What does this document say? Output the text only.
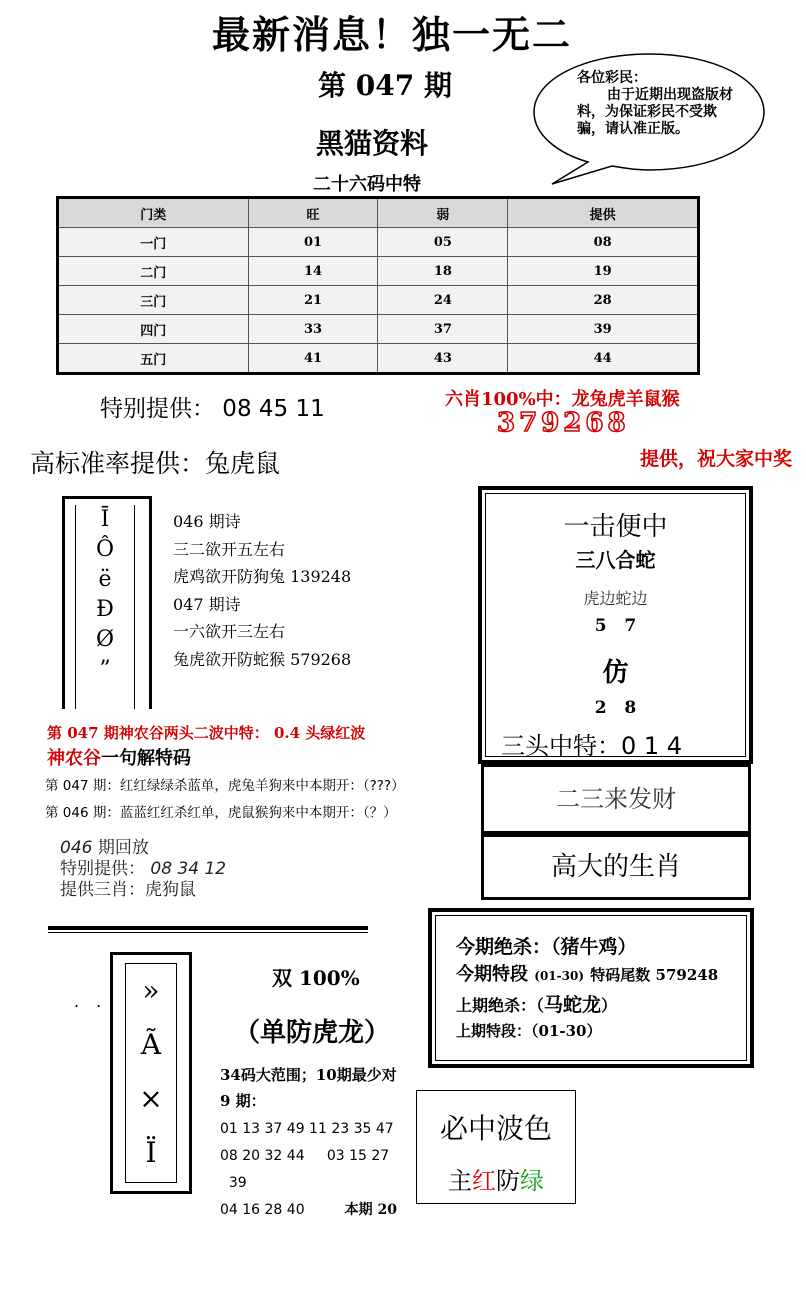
最新消息！独一无二
第 047 期
黑猫资料
二十六码中特
各位彩民：
由于近期出现盗版材料，为保证彩民不受欺骗，请认准正版。
门类	旺	弱	提供
一门	01	05	08
二门	14	18	19
三门	21	24	28
四门	33	37	39
五门	41	43	44
特别提供： 08 45 11	六肖100%中：龙兔虎羊鼠猴
379268
高标准率提供：兔虎鼠	提供，祝大家中奖
Ī
Ô
ë
Ð
Ø
”
046 期诗
三二欲开五左右
虎鸡欲开防狗兔 139248
047 期诗
一六欲开三左右
兔虎欲开防蛇猴 579268
一击便中
三八合蛇
虎边蛇边
5   7
仿
2   8
三头中特：0 1 4
二三来发财
高大的生肖
第 047 期神农谷两头二波中特： 0.4 头绿红波
神农谷一句解特码
第 047 期：红红绿绿杀蓝单，虎兔羊狗来中本期开：（???）
第 046 期：蓝蓝红红杀红单，虎鼠猴狗来中本期开：（？）
046 期回放
特别提供： 08 34 12
提供三肖：虎狗鼠
今期绝杀：（猪牛鸡）
今期特段 (01-30) 特码尾数 579248
上期绝杀：（马蛇龙）
上期特段：（01-30）
. .	»
Ã
×
Ï
双 100%
（单防虎龙）
34码大范围；10期最少对
9 期：
01 13 37 49 11 23 35 47
08 20 32 44     03 15 27
39
04 16 28 40	本期 20
必中波色
主红防绿
